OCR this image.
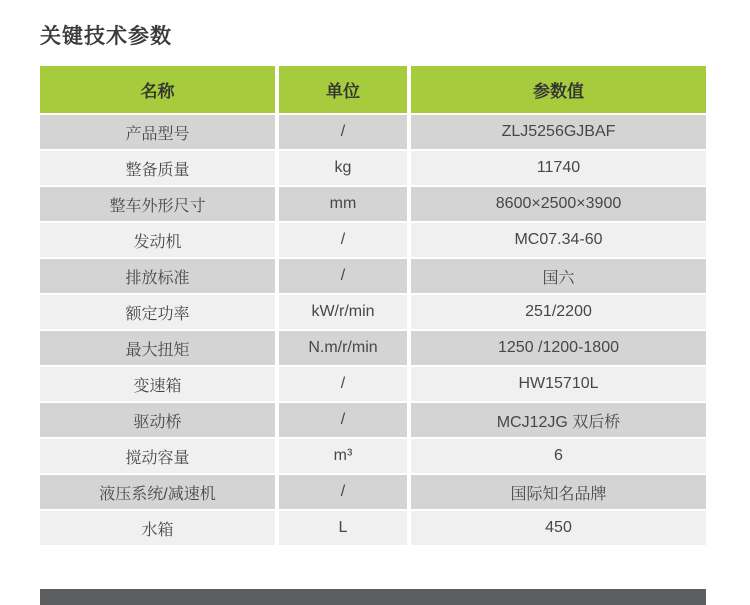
关键技术参数
名称	单位	参数值
产品型号	/	ZLJ5256GJBAF
整备质量	kg	11740
整车外形尺寸	mm	8600×2500×3900
发动机	/	MC07.34-60
排放标准	/	国六
额定功率	kW/r/min	251/2200
最大扭矩	N.m/r/min	1250 /1200-1800
变速箱	/	HW15710L
驱动桥	/	MCJ12JG 双后桥
搅动容量	m³	6
液压系统/减速机	/	国际知名品牌
水箱	L	450
